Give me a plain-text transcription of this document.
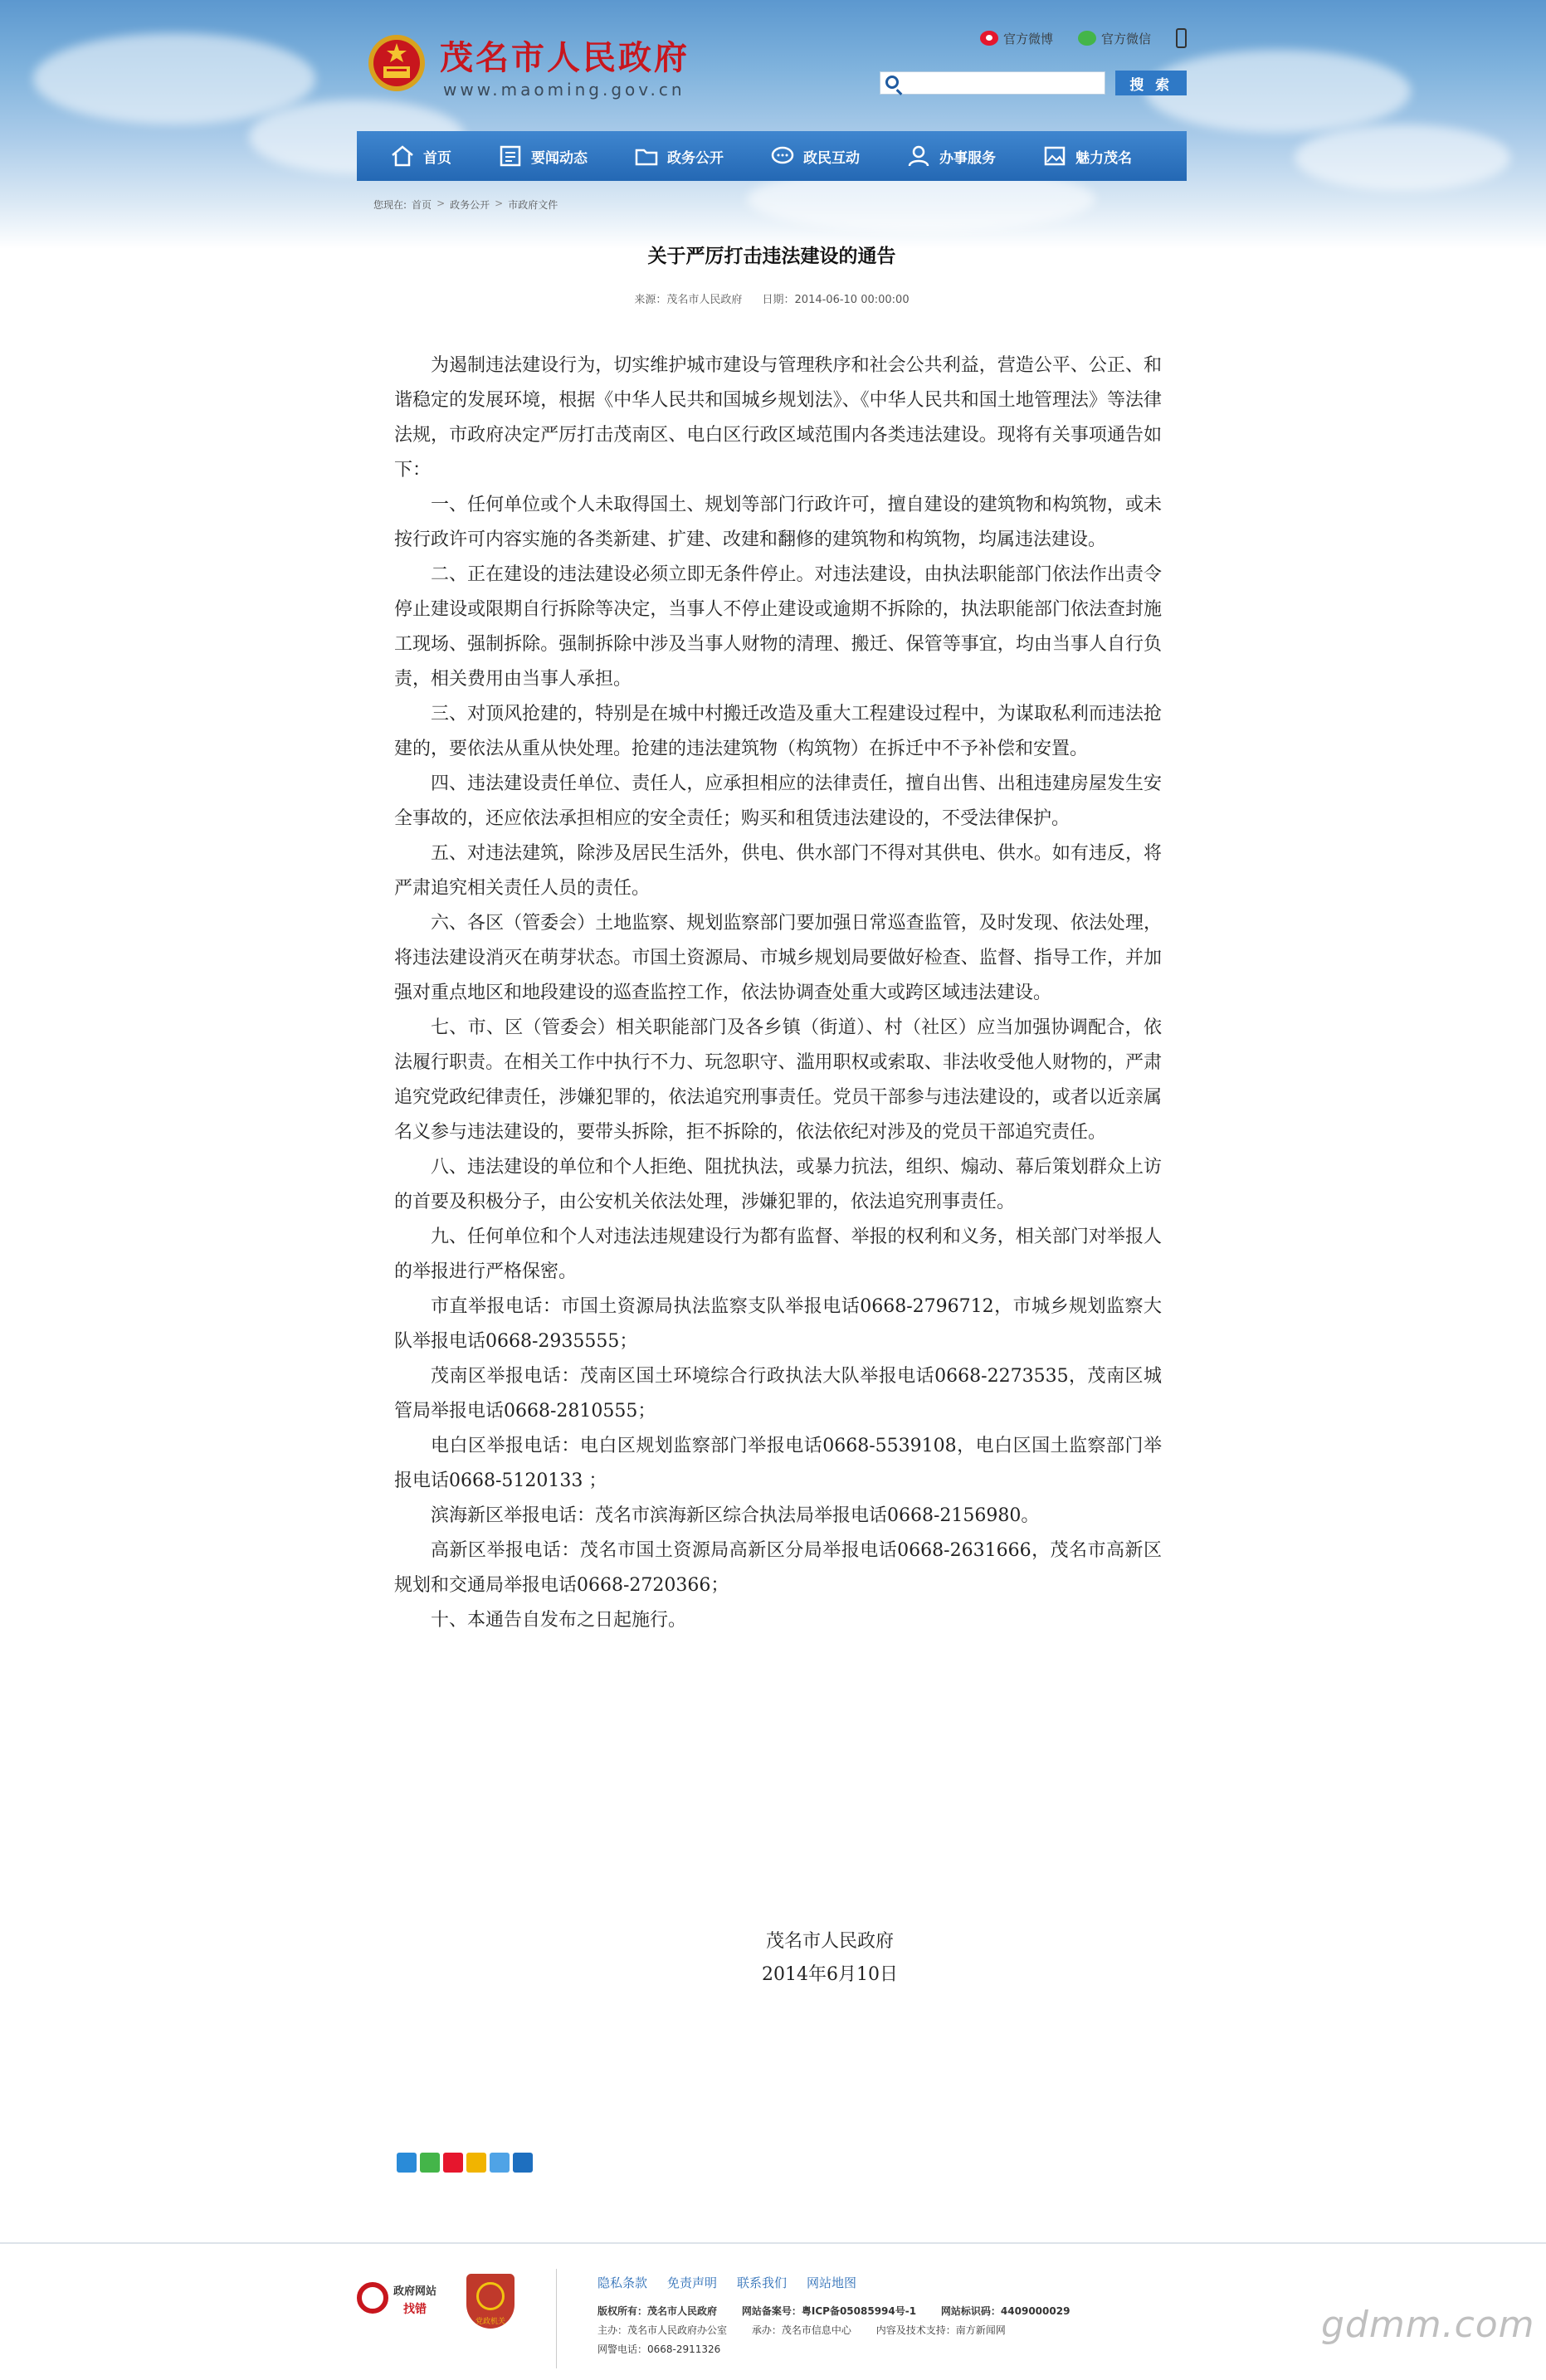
茂名市人民政府
www.maoming.gov.cn
官方微博	官方微信
搜 索
首页	要闻动态	政务公开	政民互动	办事服务	魅力茂名
您现在: 首页 > 政务公开 > 市政府文件
关于严厉打击违法建设的通告
来源：茂名市人民政府 日期：2014-06-10 00:00:00

为遏制违法建设行为，切实维护城市建设与管理秩序和社会公共利益，营造公平、公正、和谐稳定的发展环境，根据《中华人民共和国城乡规划法》、《中华人民共和国土地管理法》等法律法规，市政府决定严厉打击茂南区、电白区行政区域范围内各类违法建设。现将有关事项通告如下：

一、任何单位或个人未取得国土、规划等部门行政许可，擅自建设的建筑物和构筑物，或未按行政许可内容实施的各类新建、扩建、改建和翻修的建筑物和构筑物，均属违法建设。

二、正在建设的违法建设必须立即无条件停止。对违法建设，由执法职能部门依法作出责令停止建设或限期自行拆除等决定，当事人不停止建设或逾期不拆除的，执法职能部门依法查封施工现场、强制拆除。强制拆除中涉及当事人财物的清理、搬迁、保管等事宜，均由当事人自行负责，相关费用由当事人承担。

三、对顶风抢建的，特别是在城中村搬迁改造及重大工程建设过程中，为谋取私利而违法抢建的，要依法从重从快处理。抢建的违法建筑物（构筑物）在拆迁中不予补偿和安置。

四、违法建设责任单位、责任人，应承担相应的法律责任，擅自出售、出租违建房屋发生安全事故的，还应依法承担相应的安全责任；购买和租赁违法建设的，不受法律保护。

五、对违法建筑，除涉及居民生活外，供电、供水部门不得对其供电、供水。如有违反，将严肃追究相关责任人员的责任。

六、各区（管委会）土地监察、规划监察部门要加强日常巡查监管，及时发现、依法处理，将违法建设消灭在萌芽状态。市国土资源局、市城乡规划局要做好检查、监督、指导工作，并加强对重点地区和地段建设的巡查监控工作，依法协调查处重大或跨区域违法建设。

七、市、区（管委会）相关职能部门及各乡镇（街道）、村（社区）应当加强协调配合，依法履行职责。在相关工作中执行不力、玩忽职守、滥用职权或索取、非法收受他人财物的，严肃追究党政纪律责任，涉嫌犯罪的，依法追究刑事责任。党员干部参与违法建设的，或者以近亲属名义参与违法建设的，要带头拆除，拒不拆除的，依法依纪对涉及的党员干部追究责任。

八、违法建设的单位和个人拒绝、阻扰执法，或暴力抗法，组织、煽动、幕后策划群众上访的首要及积极分子，由公安机关依法处理，涉嫌犯罪的，依法追究刑事责任。

九、任何单位和个人对违法违规建设行为都有监督、举报的权利和义务，相关部门对举报人的举报进行严格保密。

市直举报电话：市国土资源局执法监察支队举报电话0668-2796712，市城乡规划监察大队举报电话0668-2935555；

茂南区举报电话：茂南区国土环境综合行政执法大队举报电话0668-2273535，茂南区城管局举报电话0668-2810555；

电白区举报电话：电白区规划监察部门举报电话0668-5539108，电白区国土监察部门举报电话0668-5120133 ；

滨海新区举报电话：茂名市滨海新区综合执法局举报电话0668-2156980。

高新区举报电话：茂名市国土资源局高新区分局举报电话0668-2631666，茂名市高新区规划和交通局举报电话0668-2720366；

十、本通告自发布之日起施行。

茂名市人民政府
2014年6月10日
政府网站
找错
党政机关
隐私条款 免责声明 联系我们 网站地图
版权所有：茂名市人民政府 网站备案号：粤ICP备05085994号-1 网站标识码：4409000029
主办：茂名市人民政府办公室 承办：茂名市信息中心 内容及技术支持：南方新闻网
网警电话：0668-2911326
gdmm.com
